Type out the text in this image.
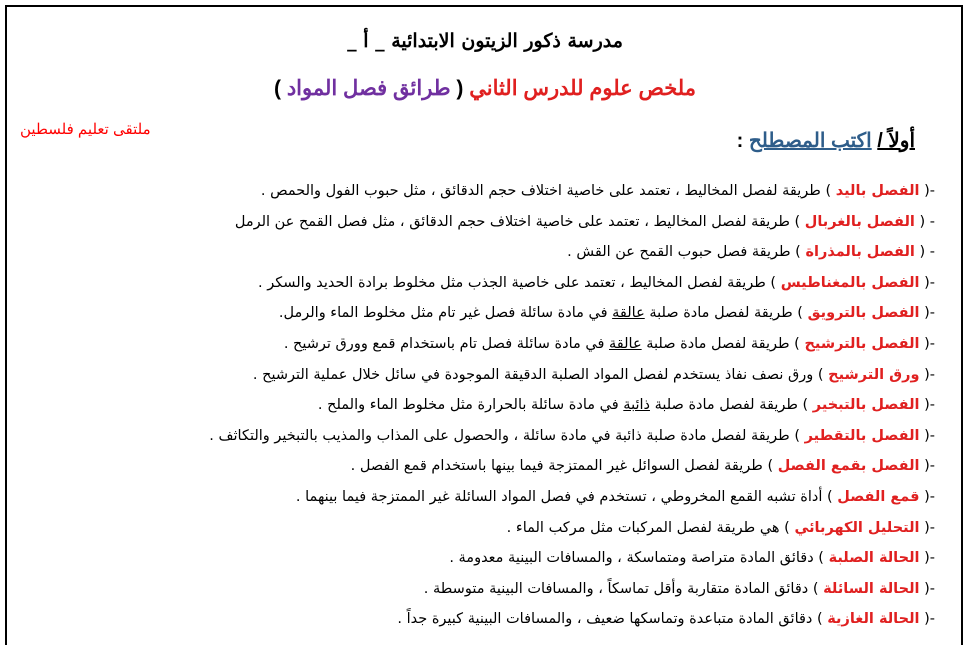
مدرسة ذكور الزيتون الابتدائية _ أ _
ملخص علوم للدرس الثاني ( طرائق فصل المواد )
ملتقى تعليم فلسطين
أولاً / اكتب المصطلح :
-( الفصل باليد ) طريقة لفصل المخاليط ، تعتمد على خاصية اختلاف حجم الدقائق ، مثل حبوب الفول والحمص .
- ( الفصل بالغربال ) طريقة لفصل المخاليط ، تعتمد على خاصية اختلاف حجم الدقائق ، مثل فصل القمح عن الرمل
- ( الفصل بالمذراة ) طريقة فصل حبوب القمح عن القش .
-( الفصل بالمغناطيس ) طريقة لفصل المخاليط ، تعتمد على خاصية الجذب مثل مخلوط برادة الحديد والسكر .
-( الفصل بالترويق ) طريقة لفصل مادة صلبة عالقة في مادة سائلة فصل غير تام مثل مخلوط الماء والرمل.
-( الفصل بالترشيح ) طريقة لفصل مادة صلبة عالقة في مادة سائلة فصل تام باستخدام قمع وورق ترشيح .
-( ورق الترشيح ) ورق نصف نفاذ يستخدم لفصل المواد الصلبة الدقيقة الموجودة في سائل خلال عملية الترشيح .
-( الفصل بالتبخير ) طريقة لفصل مادة صلبة ذائبة في مادة سائلة بالحرارة مثل مخلوط الماء والملح .
-( الفصل بالتقطير ) طريقة لفصل مادة صلبة ذائبة في مادة سائلة ، والحصول على المذاب والمذيب بالتبخير والتكاثف .
-( الفصل بقمع الفصل ) طريقة لفصل السوائل غير الممتزجة فيما بينها باستخدام قمع الفصل .
-( قمع الفصل ) أداة تشبه القمع المخروطي ، تستخدم في فصل المواد السائلة غير الممتزجة فيما بينهما .
-( التحليل الكهربائي ) هي طريقة لفصل المركبات مثل مركب الماء .
-( الحالة الصلبة ) دقائق المادة متراصة ومتماسكة ، والمسافات البينية معدومة .
-( الحالة السائلة ) دقائق المادة متقاربة وأقل تماسكاً ، والمسافات البينية متوسطة .
-( الحالة الغازية ) دقائق المادة متباعدة وتماسكها ضعيف ، والمسافات البينية كبيرة جداً .
